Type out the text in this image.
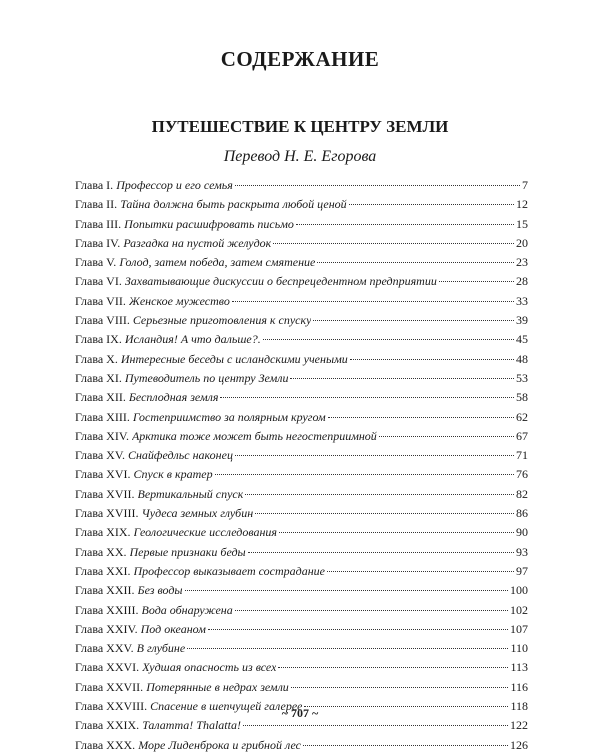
СОДЕРЖАНИЕ
ПУТЕШЕСТВИЕ К ЦЕНТРУ ЗЕМЛИ
Перевод Н. Е. Егорова
Глава I.
Профессор и его семья	7
Глава II.
Тайна должна быть раскрыта любой ценой	12
Глава III.
Попытки расшифровать письмо	15
Глава IV.
Разгадка на пустой желудок	20
Глава V.
Голод, затем победа, затем смятение	23
Глава VI.
Захватывающие дискуссии о беспрецедентном предприятии	28
Глава VII.
Женское мужество	33
Глава VIII.
Серьезные приготовления к спуску	39
Глава IX.
Исландия! А что дальше?.	45
Глава X.
Интересные беседы с исландскими учеными	48
Глава XI.
Путеводитель по центру Земли	53
Глава XII.
Бесплодная земля	58
Глава XIII.
Гостеприимство за полярным кругом	62
Глава XIV.
Арктика тоже может быть негостеприимной	67
Глава XV.
Снайфедльс наконец	71
Глава XVI.
Спуск в кратер	76
Глава XVII.
Вертикальный спуск	82
Глава XVIII.
Чудеса земных глубин	86
Глава XIX.
Геологические исследования	90
Глава XX.
Первые признаки беды	93
Глава XXI.
Профессор выказывает сострадание	97
Глава XXII.
Без воды	100
Глава XXIII.
Вода обнаружена	102
Глава XXIV.
Под океаном	107
Глава XXV.
В глубине	110
Глава XXVI.
Худшая опасность из всех	113
Глава XXVII.
Потерянные в недрах земли	116
Глава XXVIII.
Спасение в шепчущей галерее	118
Глава XXIX.
Талатта! Thalatta!	122
Глава XXX.
Море Лиденброка и грибной лес	126
~ 707 ~
